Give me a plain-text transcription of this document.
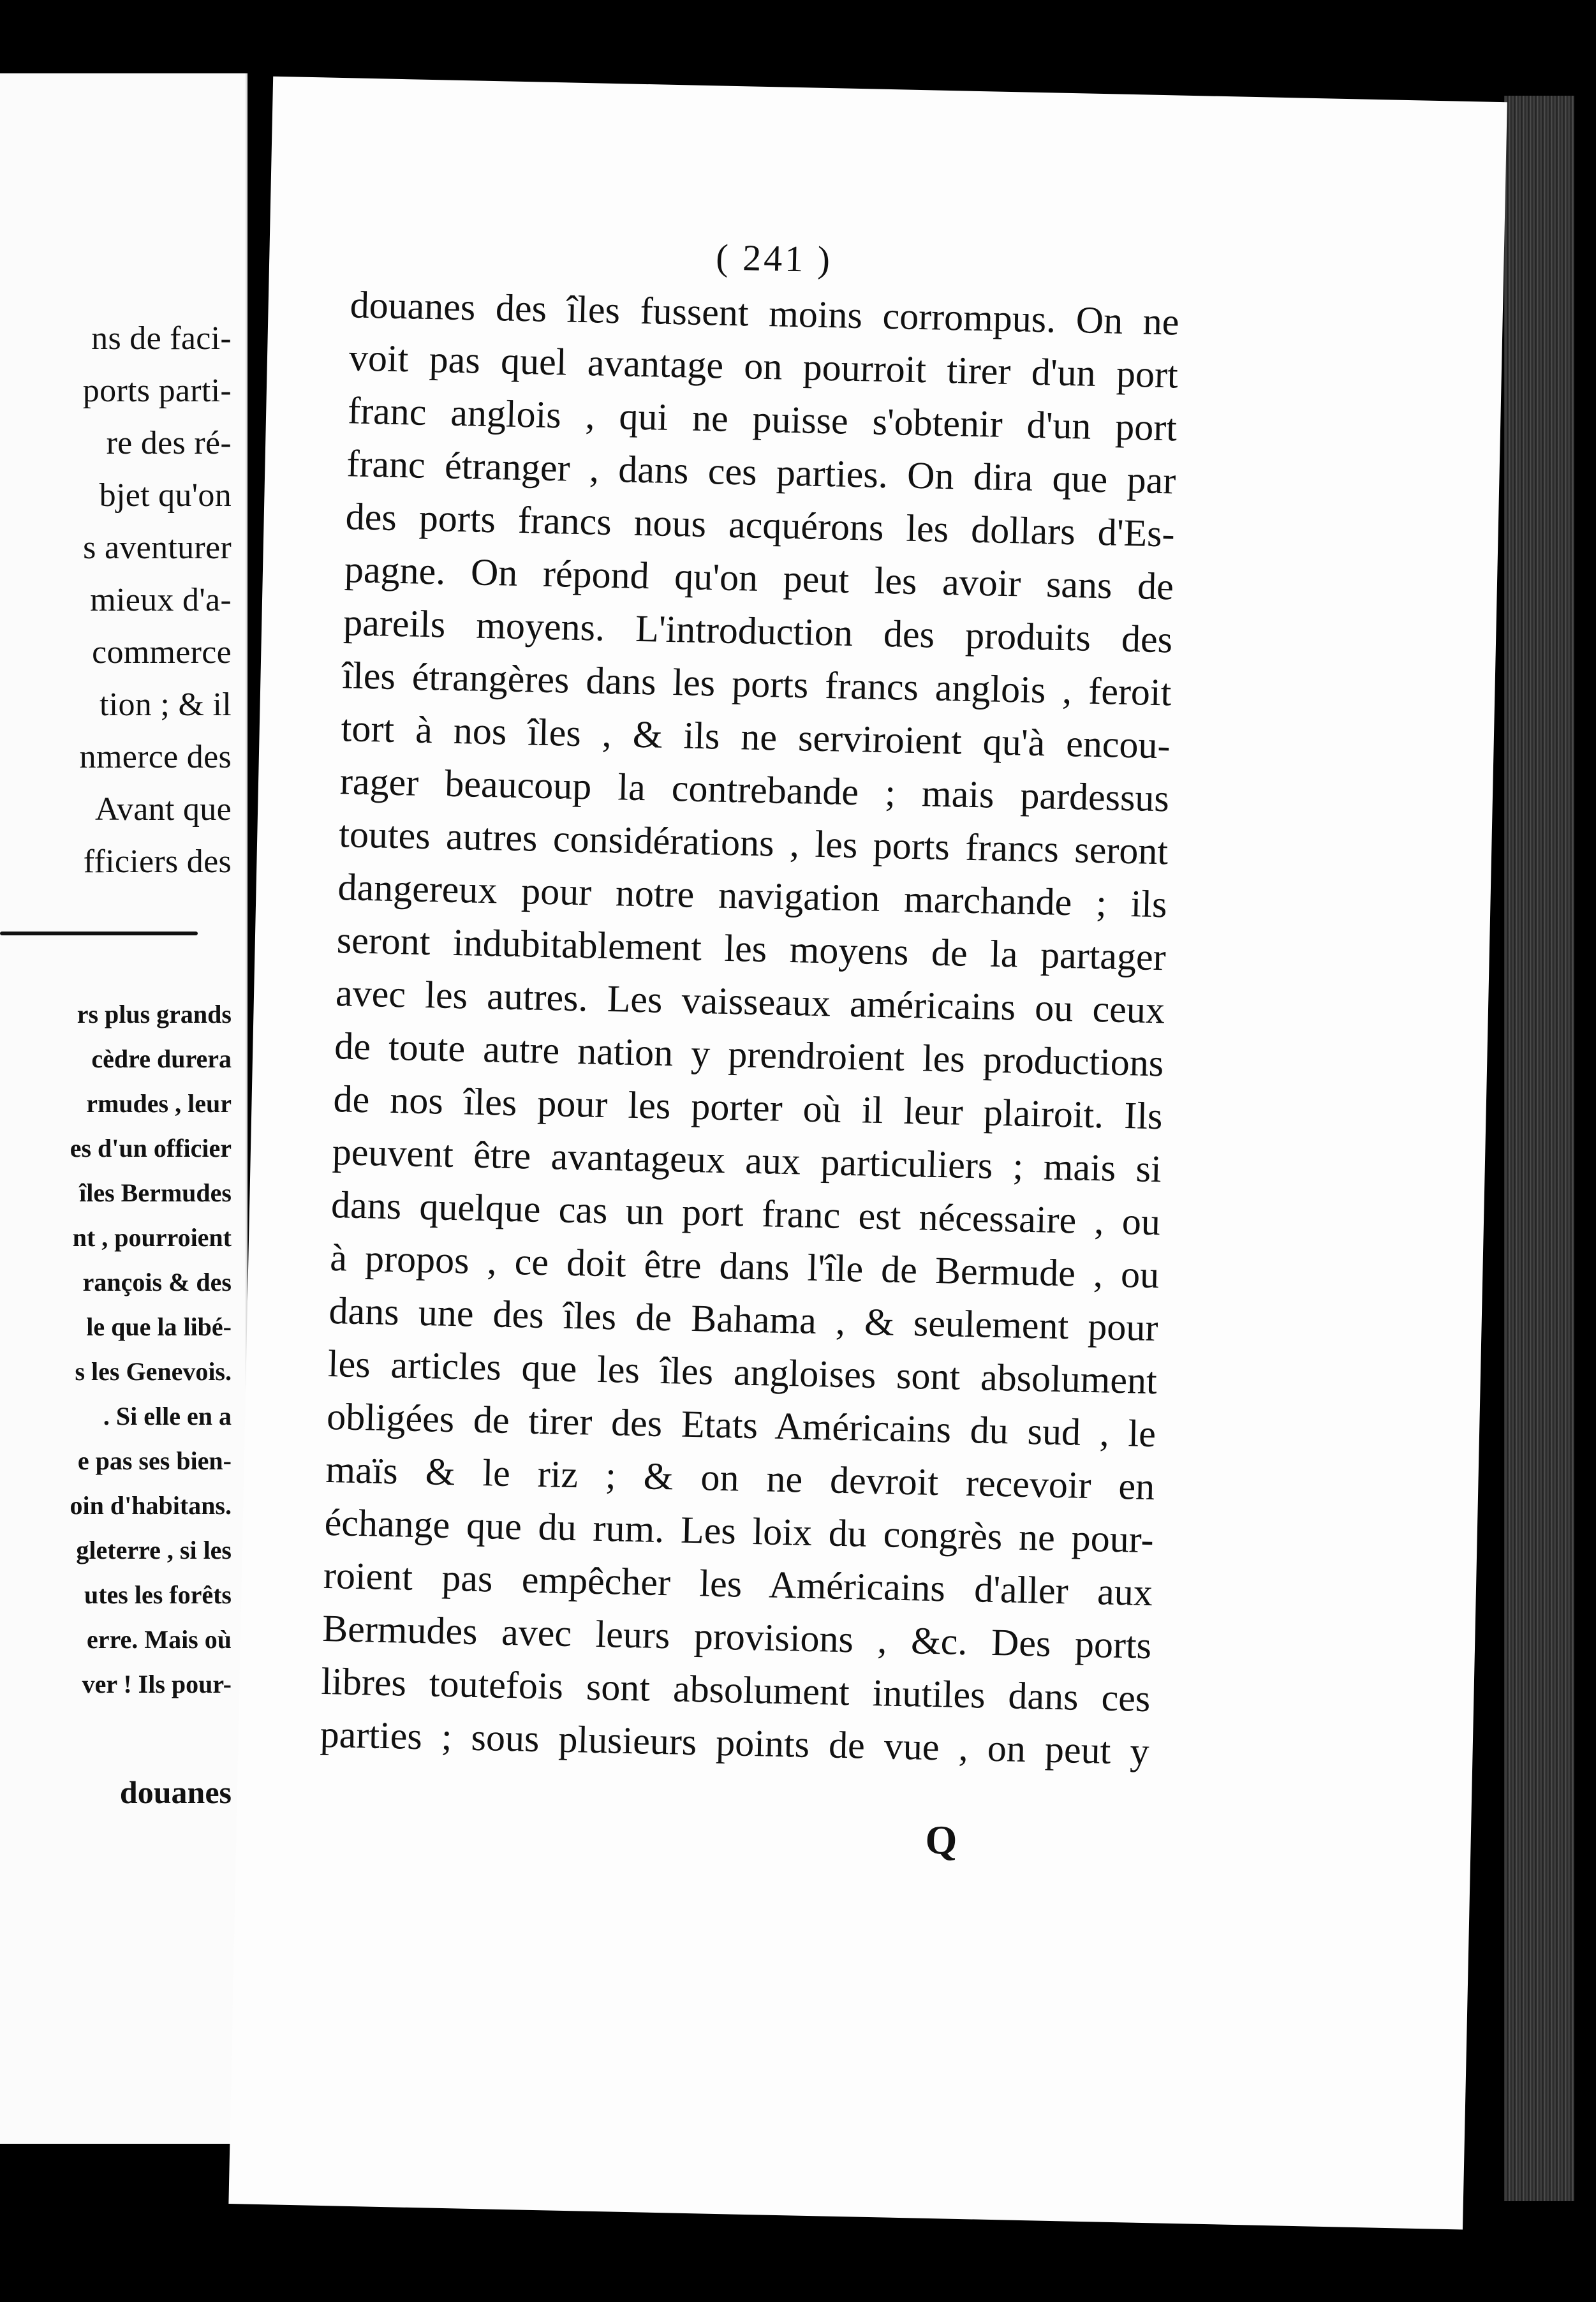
ns de faci-
ports parti-
re des ré-
bjet qu'on
s aventurer
mieux d'a-
commerce
tion ; & il
nmerce des
Avant que
fficiers des
rs plus grands
cèdre durera
rmudes , leur
es d'un officier
îles Bermudes
nt , pourroient
rançois & des
le que la libé-
s les Genevois.
. Si elle en a
e pas ses bien-
oin d'habitans.
gleterre , si les
utes les forêts
erre. Mais où
ver ! Ils pour-
douanes
( 241 )
douanes des îles fussent moins corrompus. On ne
voit pas quel avantage on pourroit tirer d'un port
franc anglois , qui ne puisse s'obtenir d'un port
franc étranger , dans ces parties. On dira que par
des ports francs nous acquérons les dollars d'Es-
pagne. On répond qu'on peut les avoir sans de
pareils moyens. L'introduction des produits des
îles étrangères dans les ports francs anglois , feroit
tort à nos îles , & ils ne serviroient qu'à encou-
rager beaucoup la contrebande ; mais pardessus
toutes autres considérations , les ports francs seront
dangereux pour notre navigation marchande ; ils
seront indubitablement les moyens de la partager
avec les autres. Les vaisseaux américains ou ceux
de toute autre nation y prendroient les productions
de nos îles pour les porter où il leur plairoit. Ils
peuvent être avantageux aux particuliers ; mais si
dans quelque cas un port franc est nécessaire , ou
à propos , ce doit être dans l'île de Bermude , ou
dans une des îles de Bahama , & seulement pour
les articles que les îles angloises sont absolument
obligées de tirer des Etats Américains du sud , le
maïs & le riz ; & on ne devroit recevoir en
échange que du rum. Les loix du congrès ne pour-
roient pas empêcher les Américains d'aller aux
Bermudes avec leurs provisions , &c. Des ports
libres toutefois sont absolument inutiles dans ces
parties ; sous plusieurs points de vue , on peut y
Q
